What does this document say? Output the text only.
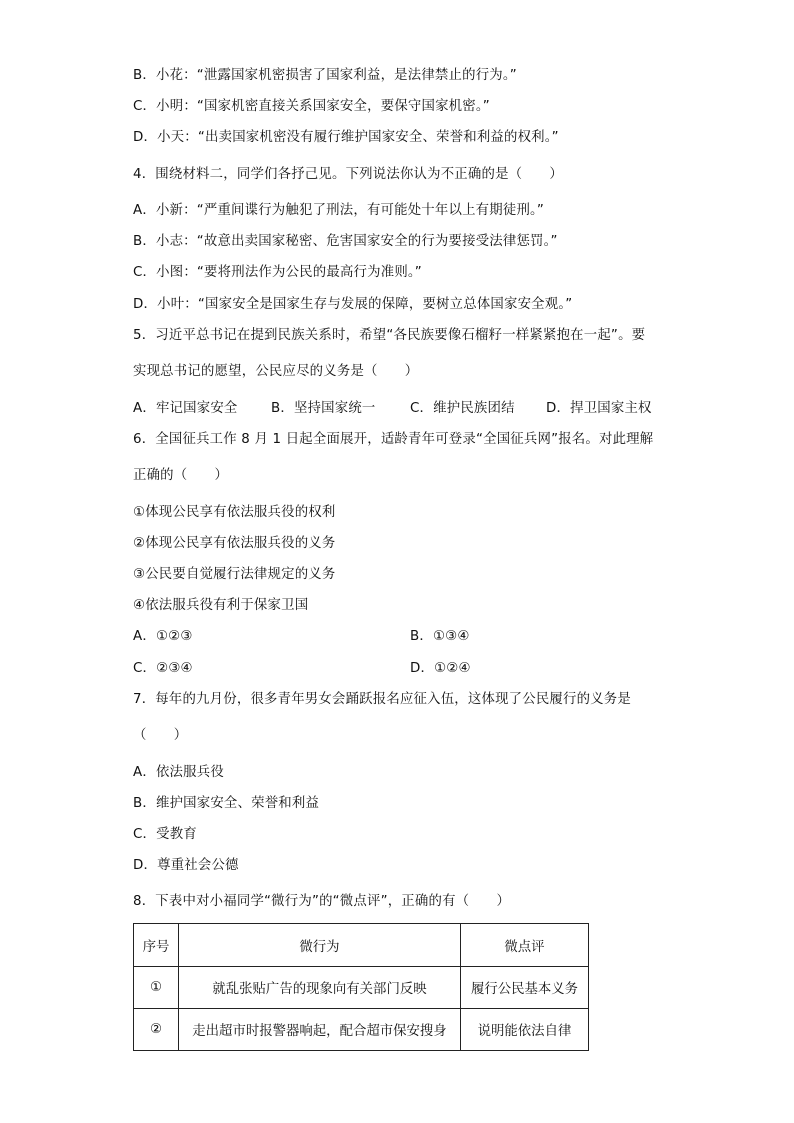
B．小花：“泄露国家机密损害了国家利益，是法律禁止的行为。”
C．小明：“国家机密直接关系国家安全，要保守国家机密。”
D．小天：“出卖国家机密没有履行维护国家安全、荣誉和利益的权利。”
4．围绕材料二，同学们各抒己见。下列说法你认为不正确的是（　　）
A．小新：“严重间谍行为触犯了刑法，有可能处十年以上有期徒刑。”
B．小志：“故意出卖国家秘密、危害国家安全的行为要接受法律惩罚。”
C．小图：“要将刑法作为公民的最高行为准则。”
D．小叶：“国家安全是国家生存与发展的保障，要树立总体国家安全观。”
5．习近平总书记在提到民族关系时，希望“各民族要像石榴籽一样紧紧抱在一起”。要
实现总书记的愿望，公民应尽的义务是（　　）
A．牢记国家安全	B．坚持国家统一	C．维护民族团结 D．捍卫国家主权
6．全国征兵工作 8 月 1 日起全面展开，适龄青年可登录“全国征兵网”报名。对此理解
正确的（　　）
①体现公民享有依法服兵役的权利
②体现公民享有依法服兵役的义务
③公民要自觉履行法律规定的义务
④依法服兵役有利于保家卫国
A．①②③	B．①③④
C．②③④	D．①②④
7．每年的九月份，很多青年男女会踊跃报名应征入伍，这体现了公民履行的义务是
（　　）
A．依法服兵役
B．维护国家安全、荣誉和利益
C．受教育
D．尊重社会公德
8．下表中对小福同学“微行为”的“微点评”，正确的有（　　）
序号	微行为	微点评
①	就乱张贴广告的现象向有关部门反映	履行公民基本义务
②	走出超市时报警器响起，配合超市保安搜身	说明能依法自律
